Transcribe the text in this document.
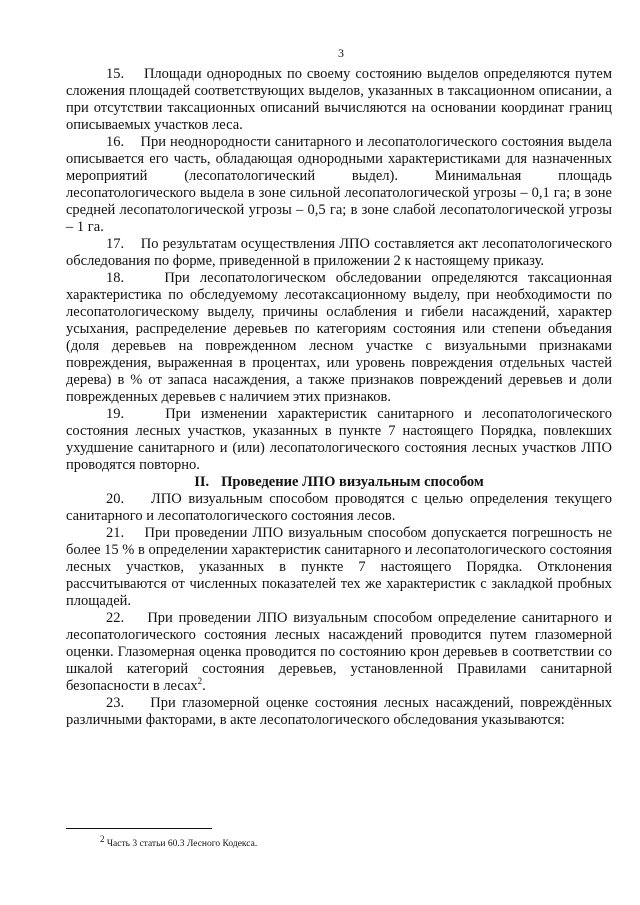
3

15. Площади однородных по своему состоянию выделов определяются путем сложения площадей соответствующих выделов, указанных в таксационном описании, а при отсутствии таксационных описаний вычисляются на основании координат границ описываемых участков леса.

16. При неоднородности санитарного и лесопатологического состояния выдела описывается его часть, обладающая однородными характеристиками для назначенных мероприятий (лесопатологический выдел). Минимальная площадь лесопатологического выдела в зоне сильной лесопатологической угрозы – 0,1 га; в зоне средней лесопатологической угрозы – 0,5 га; в зоне слабой лесопатологической угрозы – 1 га.

17. По результатам осуществления ЛПО составляется акт лесопатологического обследования по форме, приведенной в приложении 2 к настоящему приказу.

18.	При лесопатологическом обследовании определяются таксационная характеристика по обследуемому лесотаксационному выделу, при необходимости по лесопатологическому выделу, причины ослабления и гибели насаждений, характер усыхания, распределение деревьев по категориям состояния или степени объедания (доля деревьев на поврежденном лесном участке с визуальными признаками повреждения, выраженная в процентах, или уровень повреждения отдельных частей дерева) в % от запаса насаждения, а также признаков повреждений деревьев и доли поврежденных деревьев с наличием этих признаков.

19.	При изменении характеристик санитарного и лесопатологического состояния лесных участков, указанных в пункте 7 настоящего Порядка, повлекших ухудшение санитарного и (или) лесопатологического состояния лесных участков ЛПО проводятся повторно.

II. Проведение ЛПО визуальным способом

20. ЛПО визуальным способом проводятся с целью определения текущего санитарного и лесопатологического состояния лесов.

21. При проведении ЛПО визуальным способом допускается погрешность не более 15 % в определении характеристик санитарного и лесопатологического состояния лесных участков, указанных в пункте 7 настоящего Порядка. Отклонения рассчитываются от численных показателей тех же характеристик с закладкой пробных площадей.

22. При проведении ЛПО визуальным способом определение санитарного и лесопатологического состояния лесных насаждений проводится путем глазомерной оценки. Глазомерная оценка проводится по состоянию крон деревьев в соответствии со шкалой категорий состояния деревьев, установленной Правилами санитарной безопасности в лесах$^2$.

23. При глазомерной оценке состояния лесных насаждений, повреждённых различными факторами, в акте лесопатологического обследования указываются:

$^2$ Часть 3 статьи 60.3 Лесного Кодекса.
